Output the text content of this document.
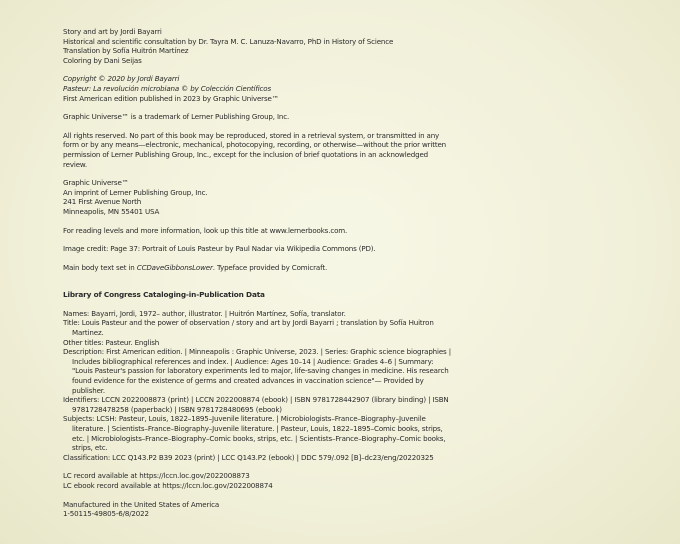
Story and art by Jordi Bayarri
Historical and scientific consultation by Dr. Tayra M. C. Lanuza-Navarro, PhD in History of Science
Translation by Sofía Huitrón Martínez
Coloring by Dani Seijas
Copyright © 2020 by Jordi Bayarri
Pasteur: La revolución microbiana © by Colección Científicos
First American edition published in 2023 by Graphic Universe™
Graphic Universe™ is a trademark of Lerner Publishing Group, Inc.
All rights reserved. No part of this book may be reproduced, stored in a retrieval system, or transmitted in any form or by any means—electronic, mechanical, photocopying, recording, or otherwise—without the prior written permission of Lerner Publishing Group, Inc., except for the inclusion of brief quotations in an acknowledged review.
Graphic Universe™
An imprint of Lerner Publishing Group, Inc.
241 First Avenue North
Minneapolis, MN 55401 USA
For reading levels and more information, look up this title at www.lernerbooks.com.
Image credit: Page 37: Portrait of Louis Pasteur by Paul Nadar via Wikipedia Commons (PD).
Main body text set in CCDaveGibbonsLower. Typeface provided by Comicraft.
Library of Congress Cataloging-in-Publication Data
Names: Bayarri, Jordi, 1972– author, illustrator. | Huitrón Martínez, Sofía, translator.
Title: Louis Pasteur and the power of observation / story and art by Jordi Bayarri ; translation by Sofía Huitron Martinez.
Other titles: Pasteur. English
Description: First American edition. | Minneapolis : Graphic Universe, 2023. | Series: Graphic science biographies | Includes bibliographical references and index. | Audience: Ages 10–14 | Audience: Grades 4–6 | Summary: "Louis Pasteur's passion for laboratory experiments led to major, life-saving changes in medicine. His research found evidence for the existence of germs and created advances in vaccination science"— Provided by publisher.
Identifiers: LCCN 2022008873 (print) | LCCN 2022008874 (ebook) | ISBN 9781728442907 (library binding) | ISBN 9781728478258 (paperback) | ISBN 9781728480695 (ebook)
Subjects: LCSH: Pasteur, Louis, 1822–1895–Juvenile literature. | Microbiologists–France–Biography–Juvenile literature. | Scientists–France–Biography–Juvenile literature. | Pasteur, Louis, 1822–1895–Comic books, strips, etc. | Microbiologists–France–Biography–Comic books, strips, etc. | Scientists–France–Biography–Comic books, strips, etc.
Classification: LCC Q143.P2 B39 2023 (print) | LCC Q143.P2 (ebook) | DDC 579/.092 [B]–dc23/eng/20220325
LC record available at https://lccn.loc.gov/2022008873
LC ebook record available at https://lccn.loc.gov/2022008874
Manufactured in the United States of America
1-50115-49805-6/8/2022
